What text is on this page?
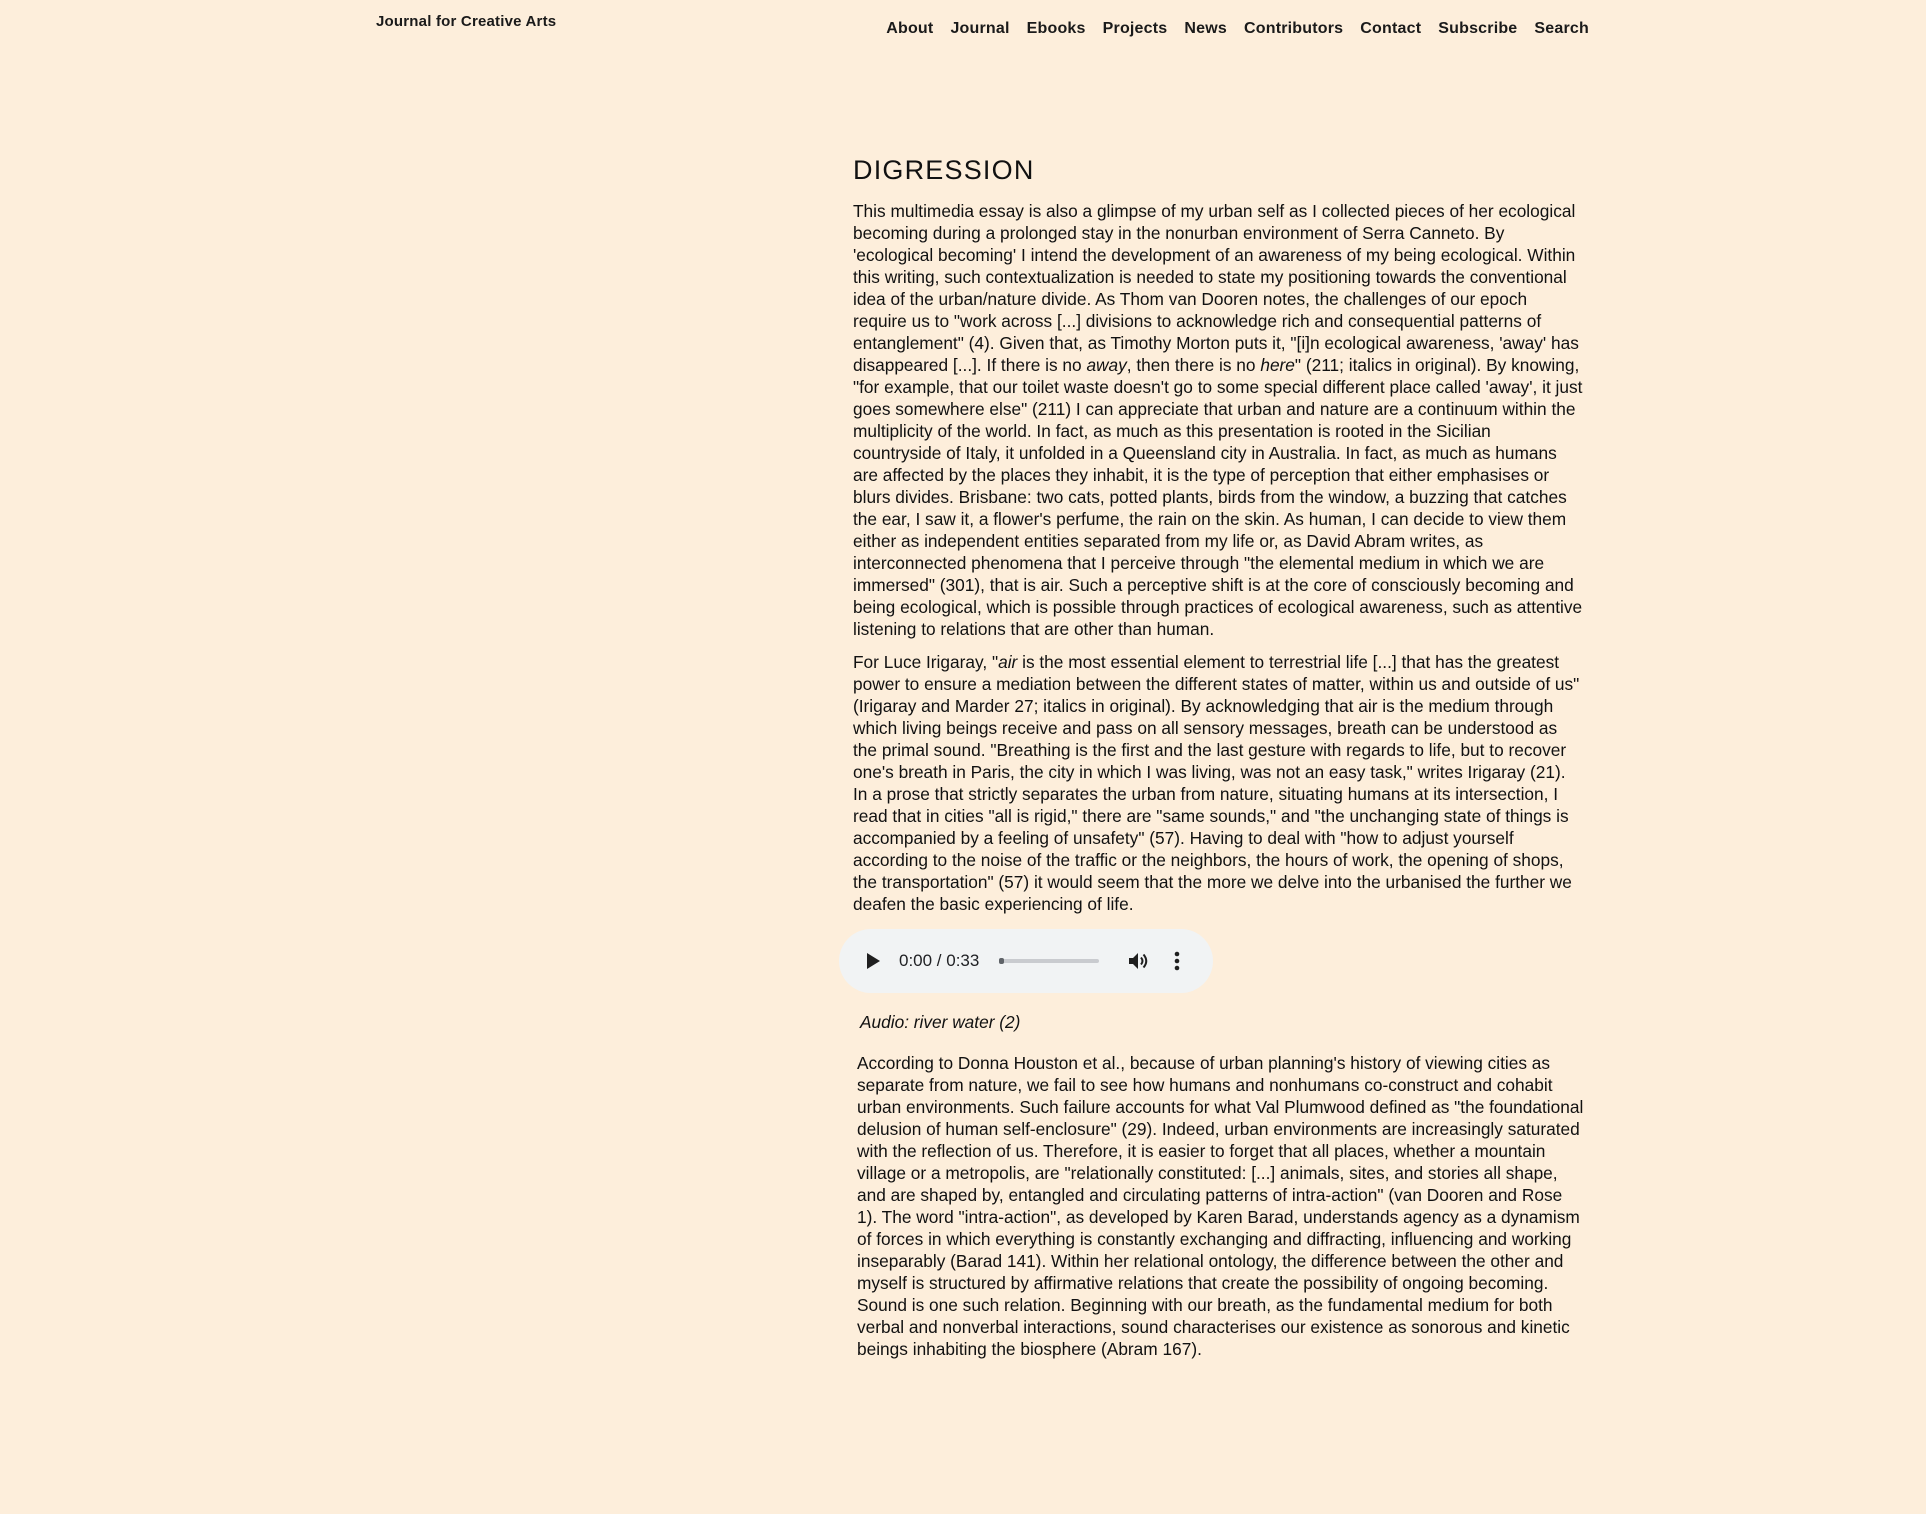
Journal for Creative Arts	About Journal Ebooks Projects News Contributors Contact Subscribe Search
DIGRESSION

This multimedia essay is also a glimpse of my urban self as I collected pieces of her ecological becoming during a prolonged stay in the nonurban environment of Serra Canneto. By 'ecological becoming' I intend the development of an awareness of my being ecological. Within this writing, such contextualization is needed to state my positioning towards the conventional idea of the urban/nature divide. As Thom van Dooren notes, the challenges of our epoch require us to "work across [...] divisions to acknowledge rich and consequential patterns of entanglement" (4). Given that, as Timothy Morton puts it, "[i]n ecological awareness, 'away' has disappeared [...]. If there is no away, then there is no here" (211; italics in original). By knowing, "for example, that our toilet waste doesn't go to some special different place called 'away', it just goes somewhere else" (211) I can appreciate that urban and nature are a continuum within the multiplicity of the world. In fact, as much as this presentation is rooted in the Sicilian countryside of Italy, it unfolded in a Queensland city in Australia. In fact, as much as humans are affected by the places they inhabit, it is the type of perception that either emphasises or blurs divides. Brisbane: two cats, potted plants, birds from the window, a buzzing that catches the ear, I saw it, a flower's perfume, the rain on the skin. As human, I can decide to view them either as independent entities separated from my life or, as David Abram writes, as interconnected phenomena that I perceive through "the elemental medium in which we are immersed" (301), that is air. Such a perceptive shift is at the core of consciously becoming and being ecological, which is possible through practices of ecological awareness, such as attentive listening to relations that are other than human.

For Luce Irigaray, "air is the most essential element to terrestrial life [...] that has the greatest power to ensure a mediation between the different states of matter, within us and outside of us" (Irigaray and Marder 27; italics in original). By acknowledging that air is the medium through which living beings receive and pass on all sensory messages, breath can be understood as the primal sound. "Breathing is the first and the last gesture with regards to life, but to recover one's breath in Paris, the city in which I was living, was not an easy task," writes Irigaray (21). In a prose that strictly separates the urban from nature, situating humans at its intersection, I read that in cities "all is rigid," there are "same sounds," and "the unchanging state of things is accompanied by a feeling of unsafety" (57). Having to deal with "how to adjust yourself according to the noise of the traffic or the neighbors, the hours of work, the opening of shops, the transportation" (57) it would seem that the more we delve into the urbanised the further we deafen the basic experiencing of life.

0:00 / 0:33
Audio: river water (2)

According to Donna Houston et al., because of urban planning's history of viewing cities as separate from nature, we fail to see how humans and nonhumans co-construct and cohabit urban environments. Such failure accounts for what Val Plumwood defined as "the foundational delusion of human self-enclosure" (29). Indeed, urban environments are increasingly saturated with the reflection of us. Therefore, it is easier to forget that all places, whether a mountain village or a metropolis, are "relationally constituted: [...] animals, sites, and stories all shape, and are shaped by, entangled and circulating patterns of intra-action" (van Dooren and Rose 1). The word "intra-action", as developed by Karen Barad, understands agency as a dynamism of forces in which everything is constantly exchanging and diffracting, influencing and working inseparably (Barad 141). Within her relational ontology, the difference between the other and myself is structured by affirmative relations that create the possibility of ongoing becoming. Sound is one such relation. Beginning with our breath, as the fundamental medium for both verbal and nonverbal interactions, sound characterises our existence as sonorous and kinetic beings inhabiting the biosphere (Abram 167).
